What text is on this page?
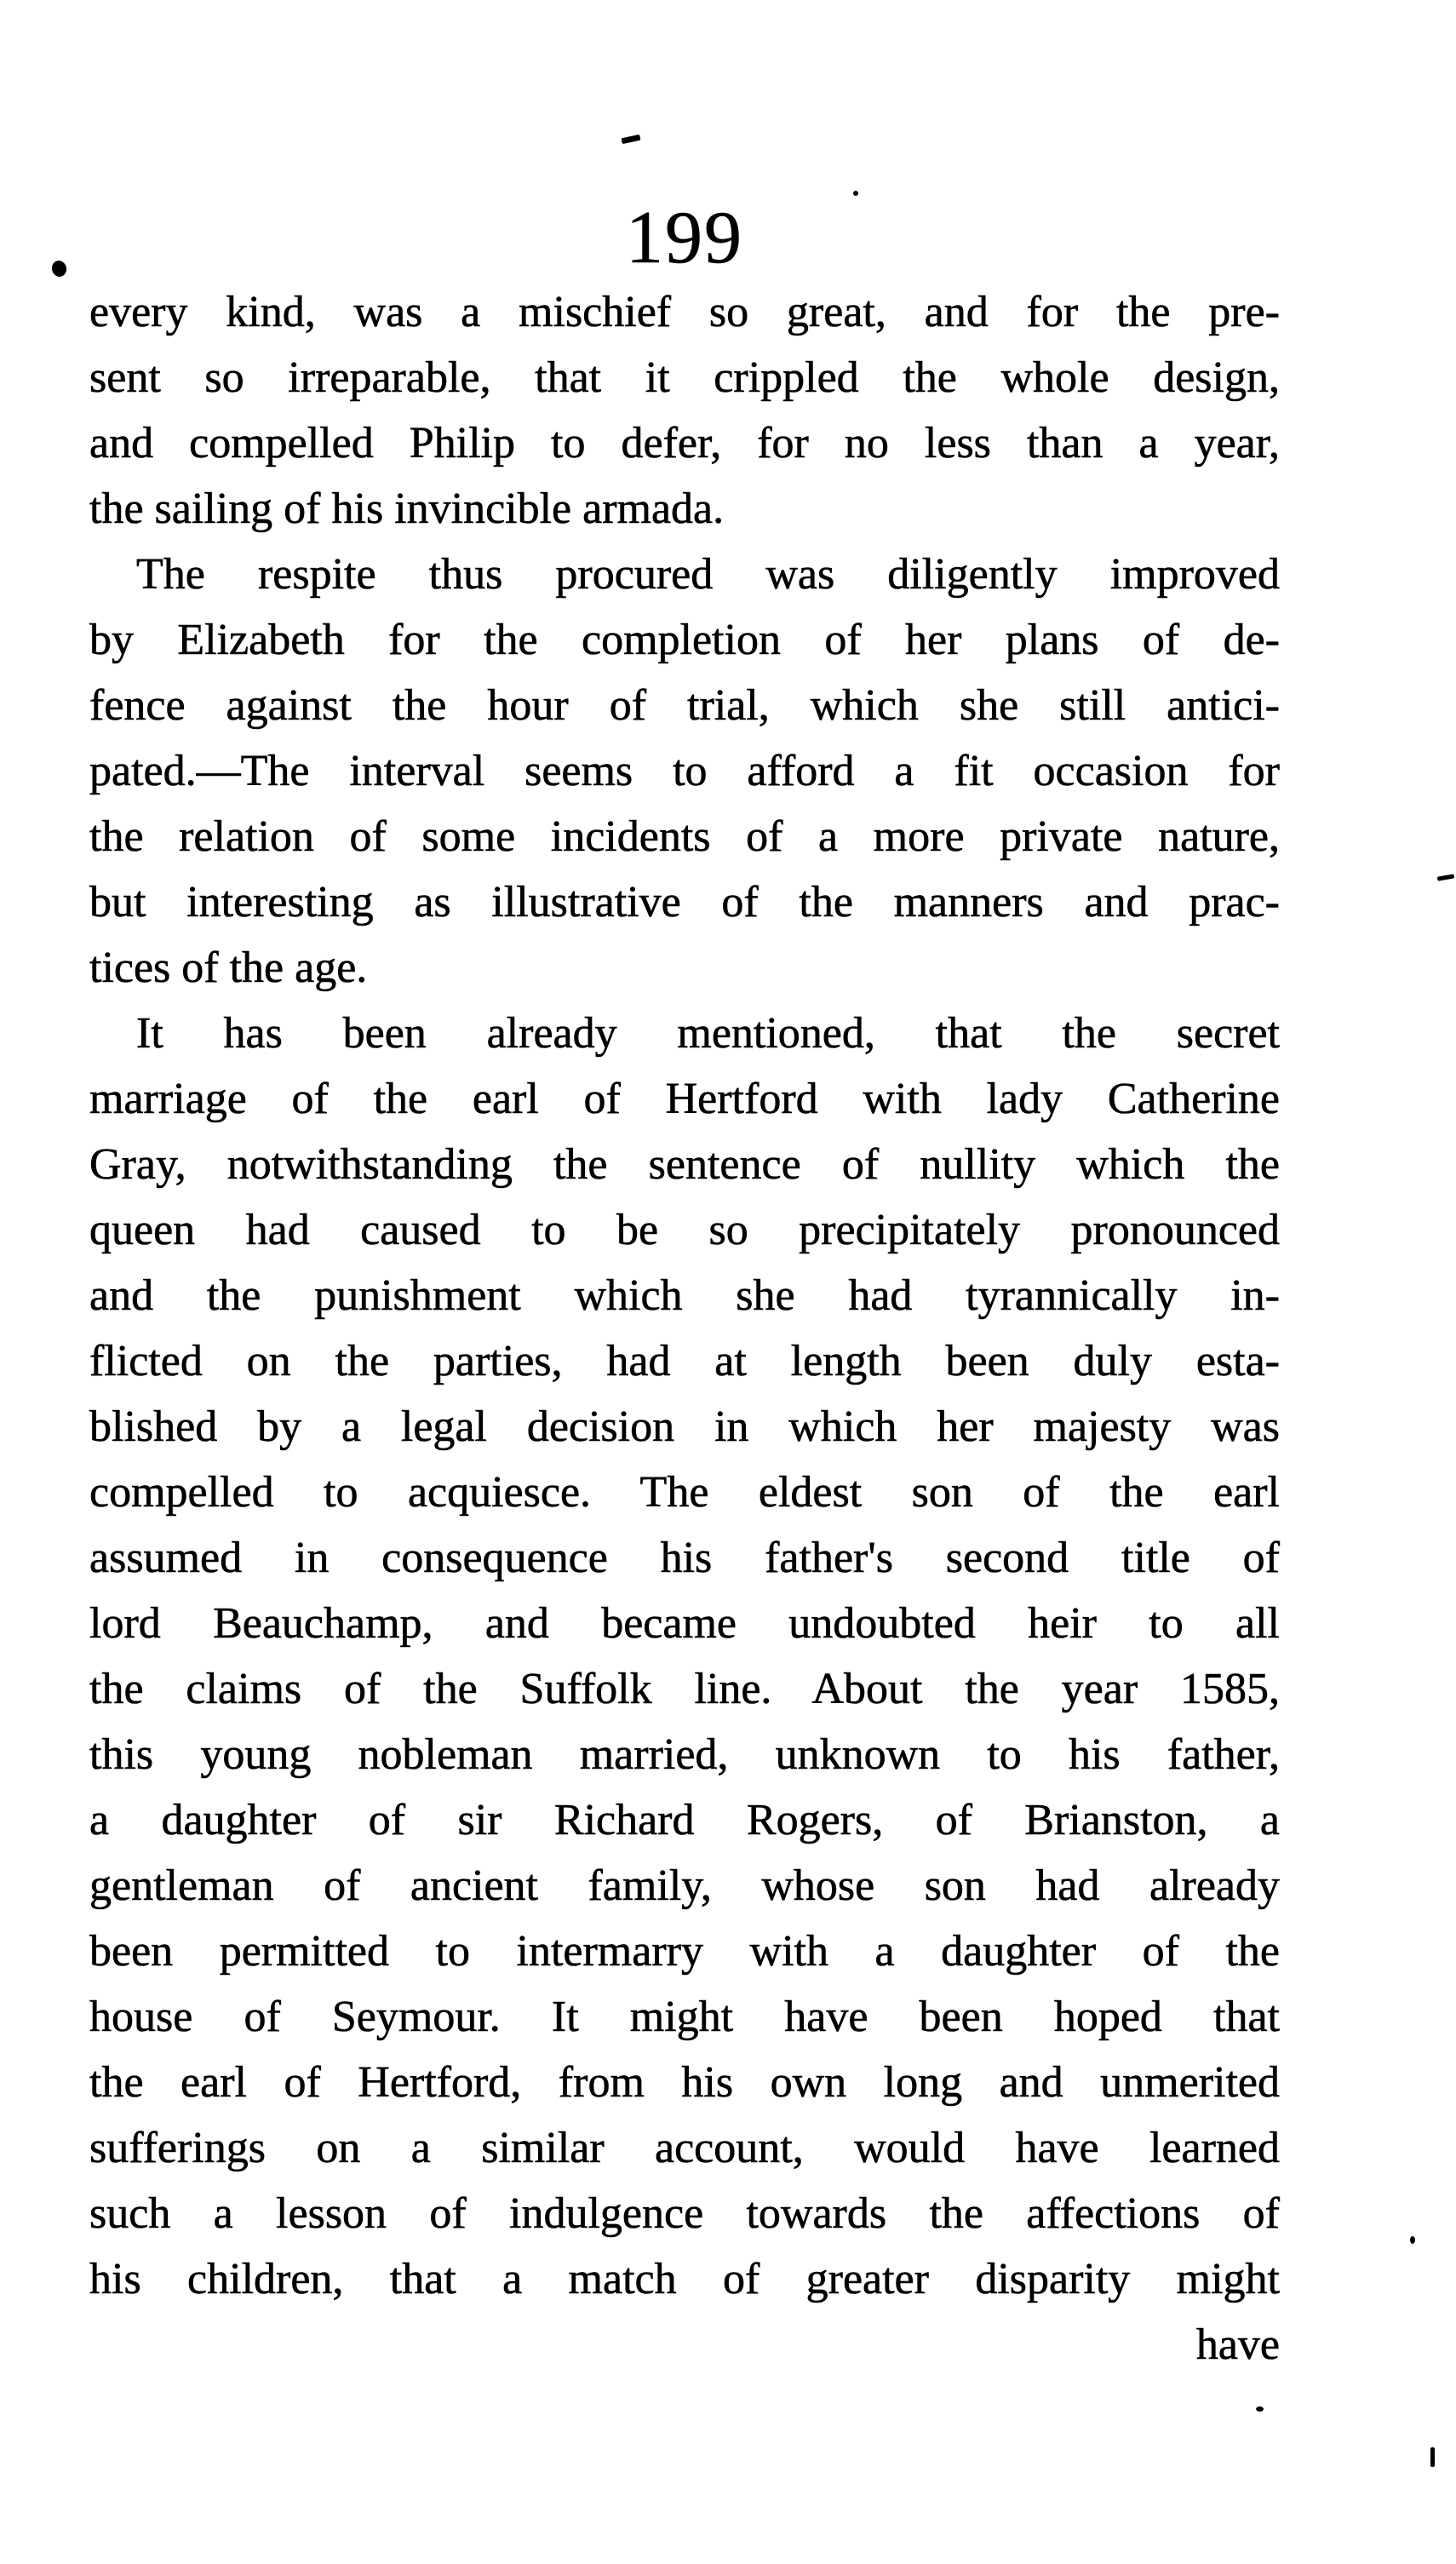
199
every kind, was a mischief so great, and for the pre-
sent so irreparable, that it crippled the whole design,
and compelled Philip to defer, for no less than a year,
the sailing of his invincible armada.
The respite thus procured was diligently improved
by Elizabeth for the completion of her plans of de-
fence against the hour of trial, which she still antici-
pated.—The interval seems to afford a fit occasion for
the relation of some incidents of a more private nature,
but interesting as illustrative of the manners and prac-
tices of the age.
It has been already mentioned, that the secret
marriage of the earl of Hertford with lady Catherine
Gray, notwithstanding the sentence of nullity which the
queen had caused to be so precipitately pronounced
and the punishment which she had tyrannically in-
flicted on the parties, had at length been duly esta-
blished by a legal decision in which her majesty was
compelled to acquiesce. The eldest son of the earl
assumed in consequence his father's second title of
lord Beauchamp, and became undoubted heir to all
the claims of the Suffolk line. About the year 1585,
this young nobleman married, unknown to his father,
a daughter of sir Richard Rogers, of Brianston, a
gentleman of ancient family, whose son had already
been permitted to intermarry with a daughter of the
house of Seymour. It might have been hoped that
the earl of Hertford, from his own long and unmerited
sufferings on a similar account, would have learned
such a lesson of indulgence towards the affections of
his children, that a match of greater disparity might
have
